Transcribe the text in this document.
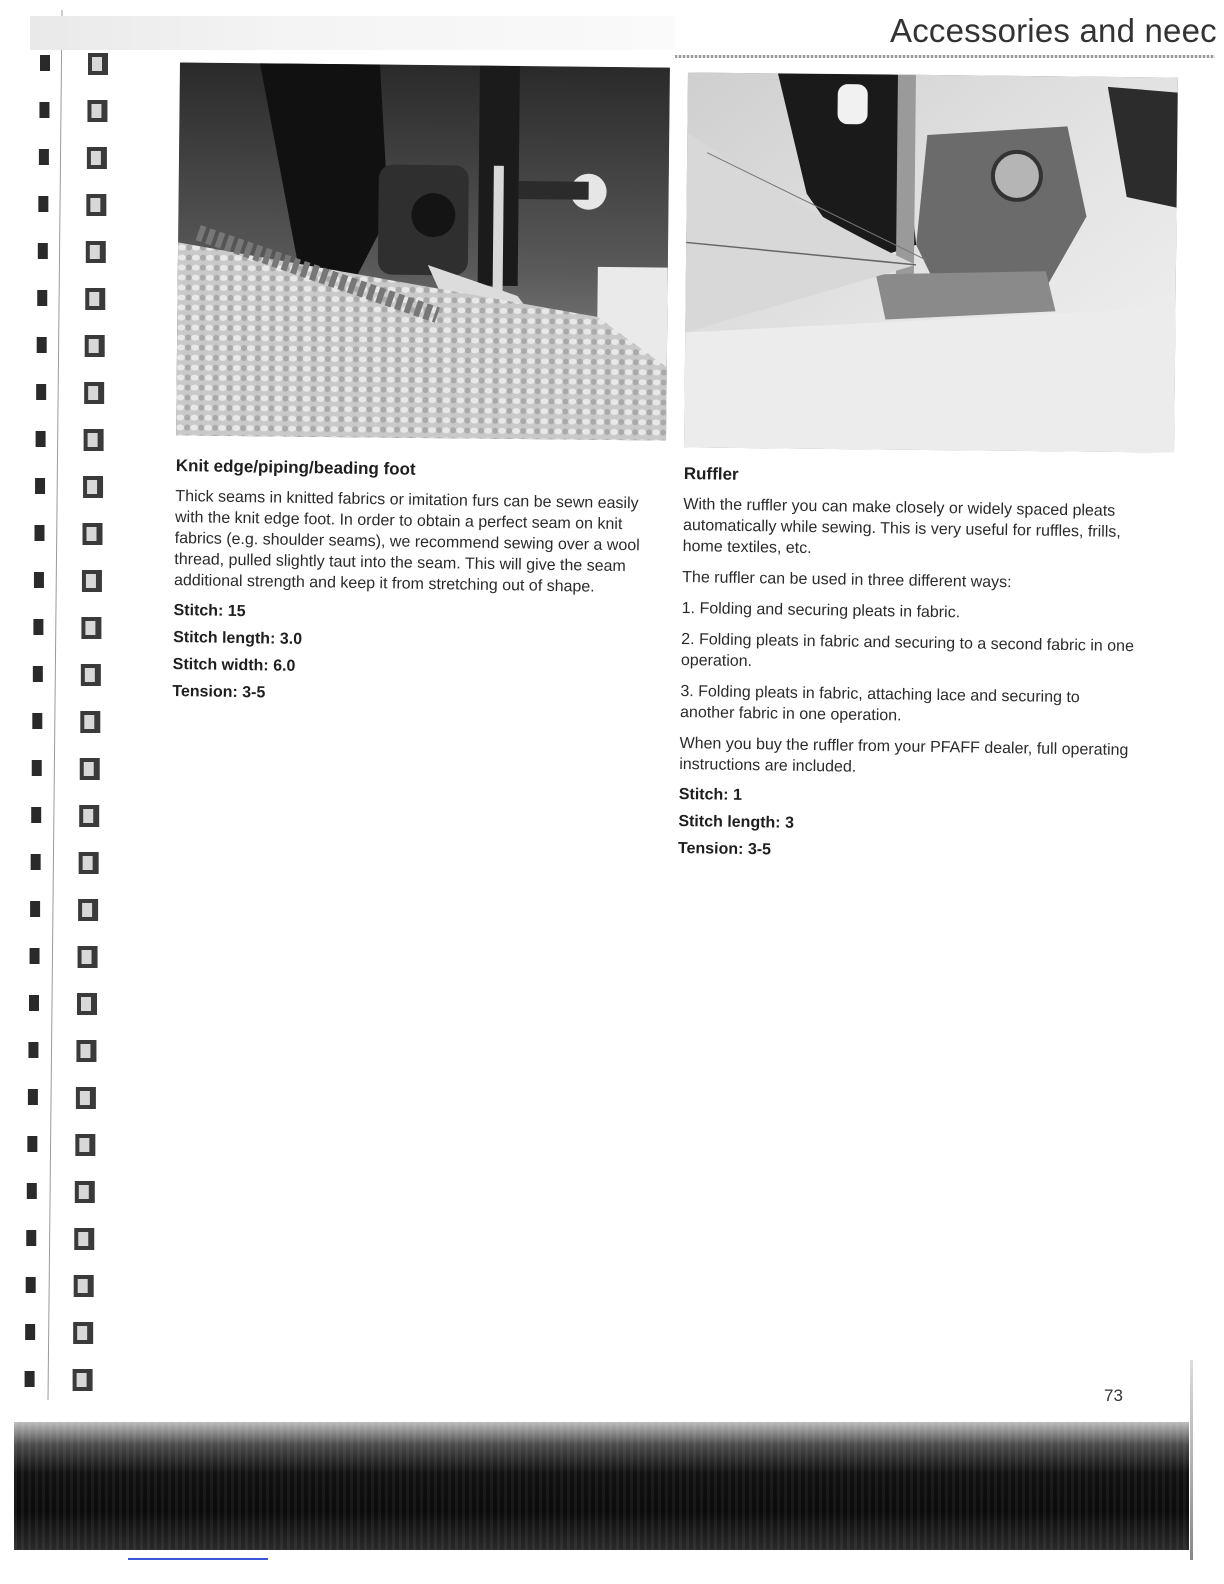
Accessories and neec
Knit edge/piping/beading foot
Thick seams in knitted fabrics or imitation furs can be sewn easily with the knit edge foot. In order to obtain a perfect seam on knit fabrics (e.g. shoulder seams), we recommend sewing over a wool thread, pulled slightly taut into the seam. This will give the seam additional strength and keep it from stretching out of shape.
Stitch: 15
Stitch length: 3.0
Stitch width: 6.0
Tension: 3-5
Ruffler
With the ruffler you can make closely or widely spaced pleats automatically while sewing. This is very useful for ruffles, frills, home textiles, etc.
The ruffler can be used in three different ways:
1. Folding and securing pleats in fabric.
2. Folding pleats in fabric and securing to a second fabric in one operation.
3. Folding pleats in fabric, attaching lace and securing to another fabric in one operation.
When you buy the ruffler from your PFAFF dealer, full operating instructions are included.
Stitch: 1
Stitch length: 3
Tension: 3-5
73
